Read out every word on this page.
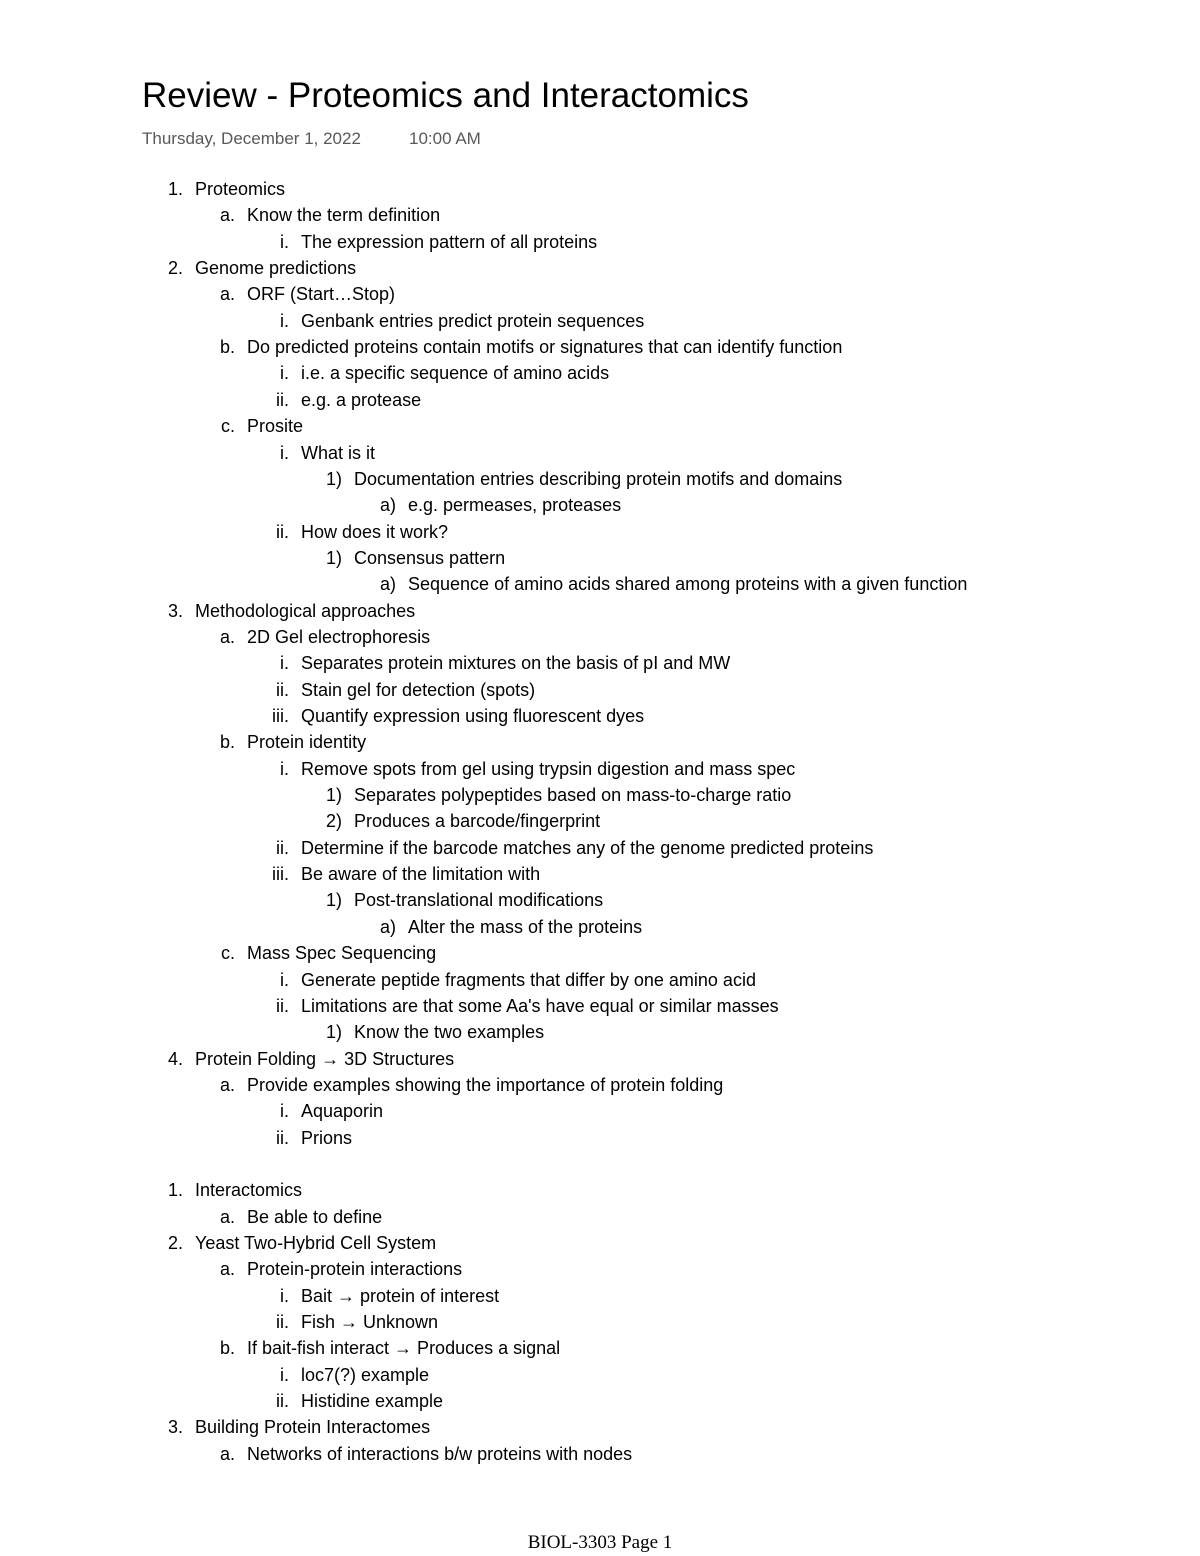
Review - Proteomics and Interactomics
Thursday, December 1, 2022	10:00 AM
1. Proteomics
a. Know the term definition
i. The expression pattern of all proteins
2. Genome predictions
a. ORF (Start…Stop)
i. Genbank entries predict protein sequences
b. Do predicted proteins contain motifs or signatures that can identify function
i. i.e. a specific sequence of amino acids
ii. e.g. a protease
c. Prosite
i. What is it
1) Documentation entries describing protein motifs and domains
a) e.g. permeases, proteases
ii. How does it work?
1) Consensus pattern
a) Sequence of amino acids shared among proteins with a given function
3. Methodological approaches
a. 2D Gel electrophoresis
i. Separates protein mixtures on the basis of pI and MW
ii. Stain gel for detection (spots)
iii. Quantify expression using fluorescent dyes
b. Protein identity
i. Remove spots from gel using trypsin digestion and mass spec
1) Separates polypeptides based on mass-to-charge ratio
2) Produces a barcode/fingerprint
ii. Determine if the barcode matches any of the genome predicted proteins
iii. Be aware of the limitation with
1) Post-translational modifications
a) Alter the mass of the proteins
c. Mass Spec Sequencing
i. Generate peptide fragments that differ by one amino acid
ii. Limitations are that some Aa's have equal or similar masses
1) Know the two examples
4. Protein Folding → 3D Structures
a. Provide examples showing the importance of protein folding
i. Aquaporin
ii. Prions
1. Interactomics
a. Be able to define
2. Yeast Two-Hybrid Cell System
a. Protein-protein interactions
i. Bait → protein of interest
ii. Fish → Unknown
b. If bait-fish interact → Produces a signal
i. loc7(?) example
ii. Histidine example
3. Building Protein Interactomes
a. Networks of interactions b/w proteins with nodes
BIOL-3303 Page 1
